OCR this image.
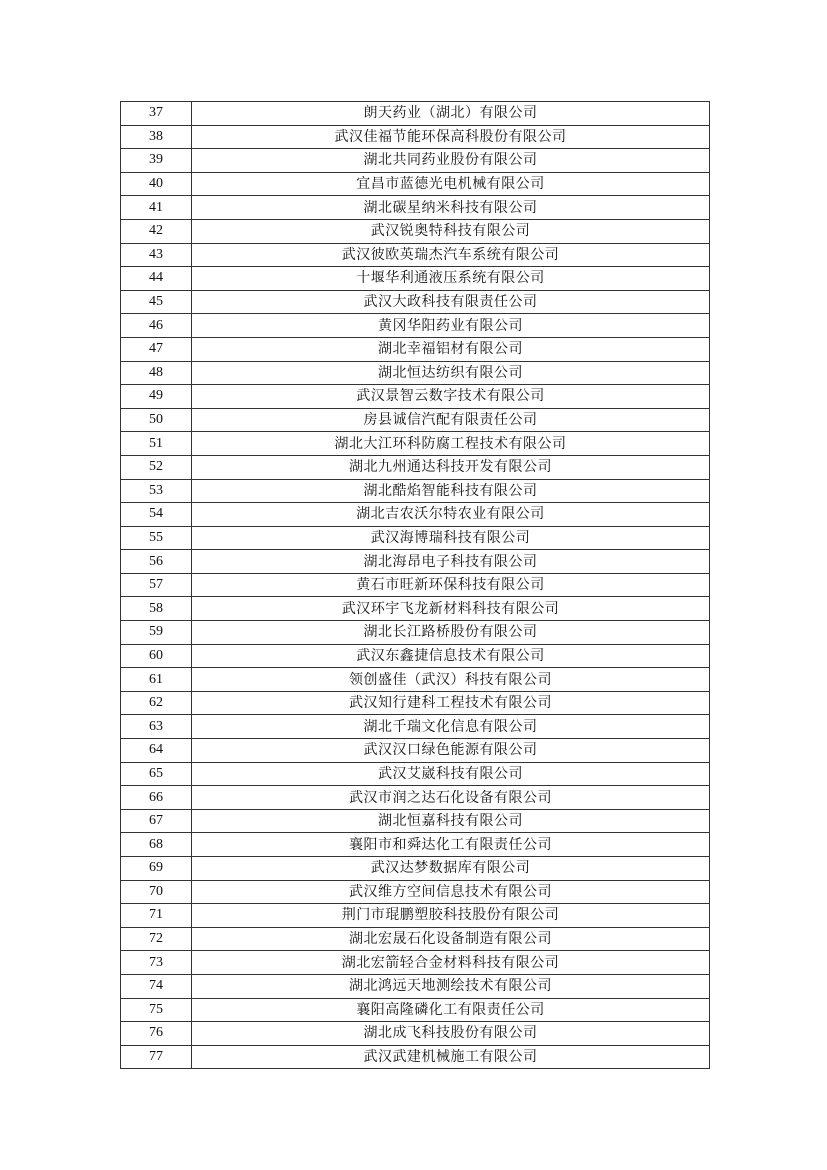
37	朗天药业（湖北）有限公司
38	武汉佳福节能环保高科股份有限公司
39	湖北共同药业股份有限公司
40	宜昌市蓝德光电机械有限公司
41	湖北碳星纳米科技有限公司
42	武汉锐奥特科技有限公司
43	武汉彼欧英瑞杰汽车系统有限公司
44	十堰华利通液压系统有限公司
45	武汉大政科技有限责任公司
46	黄冈华阳药业有限公司
47	湖北幸福铝材有限公司
48	湖北恒达纺织有限公司
49	武汉景智云数字技术有限公司
50	房县诚信汽配有限责任公司
51	湖北大江环科防腐工程技术有限公司
52	湖北九州通达科技开发有限公司
53	湖北酷焰智能科技有限公司
54	湖北吉农沃尔特农业有限公司
55	武汉海博瑞科技有限公司
56	湖北海昂电子科技有限公司
57	黄石市旺新环保科技有限公司
58	武汉环宇飞龙新材料科技有限公司
59	湖北长江路桥股份有限公司
60	武汉东鑫捷信息技术有限公司
61	领创盛佳（武汉）科技有限公司
62	武汉知行建科工程技术有限公司
63	湖北千瑞文化信息有限公司
64	武汉汉口绿色能源有限公司
65	武汉艾崴科技有限公司
66	武汉市润之达石化设备有限公司
67	湖北恒嘉科技有限公司
68	襄阳市和舜达化工有限责任公司
69	武汉达梦数据库有限公司
70	武汉维方空间信息技术有限公司
71	荆门市琨鹏塑胶科技股份有限公司
72	湖北宏晟石化设备制造有限公司
73	湖北宏箭轻合金材料科技有限公司
74	湖北鸿远天地测绘技术有限公司
75	襄阳高隆磷化工有限责任公司
76	湖北成飞科技股份有限公司
77	武汉武建机械施工有限公司
